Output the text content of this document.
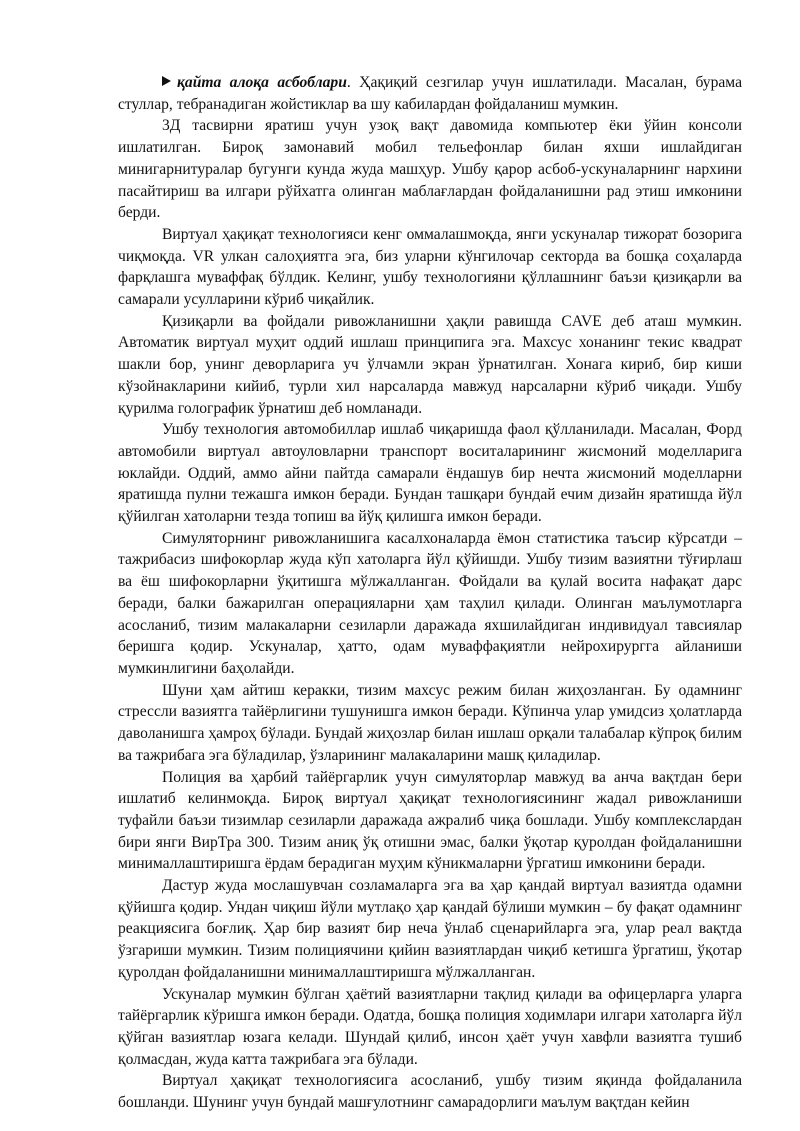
қайта алоқа асбоблари. Ҳақиқий сезгилар учун ишлатилади. Масалан, бурама стуллар, тебранадиган жойстиклар ва шу кабилардан фойдаланиш мумкин.

3Д тасвирни яратиш учун узоқ вақт давомида компьютер ёки ўйин консоли ишлатилган. Бироқ замонавий мобил тельефонлар билан яхши ишлайдиган минигарнитуралар бугунги кунда жуда машҳур. Ушбу қарор асбоб-ускуналарнинг нархини пасайтириш ва илгари рўйхатга олинган маблағлардан фойдаланишни рад этиш имконини берди.

Виртуал ҳақиқат технологияси кенг оммалашмоқда, янги ускуналар тижорат бозорига чиқмоқда. VR улкан салоҳиятга эга, биз уларни кўнгилочар секторда ва бошқа соҳаларда фарқлашга муваффақ бўлдик. Келинг, ушбу технологияни қўллашнинг баъзи қизиқарли ва самарали усулларини кўриб чиқайлик.

Қизиқарли ва фойдали ривожланишни ҳақли равишда CAVE деб аташ мумкин. Автоматик виртуал муҳит оддий ишлаш принципига эга. Махсус хонанинг текис квадрат шакли бор, унинг деворларига уч ўлчамли экран ўрнатилган. Хонага кириб, бир киши кўзойнакларини кийиб, турли хил нарсаларда мавжуд нарсаларни кўриб чиқади. Ушбу қурилма голографик ўрнатиш деб номланади.

Ушбу технология автомобиллар ишлаб чиқаришда фаол қўлланилади. Масалан, Форд автомобили виртуал автоуловларни транспорт воситаларининг жисмоний моделларига юклайди. Оддий, аммо айни пайтда самарали ёндашув бир нечта жисмоний моделларни яратишда пулни тежашга имкон беради. Бундан ташқари бундай ечим дизайн яратишда йўл қўйилган хатоларни тезда топиш ва йўқ қилишга имкон беради.

Симуляторнинг ривожланишига касалхоналарда ёмон статистика таъсир кўрсатди – тажрибасиз шифокорлар жуда кўп хатоларга йўл қўйишди. Ушбу тизим вазиятни тўғирлаш ва ёш шифокорларни ўқитишга мўлжалланган. Фойдали ва қулай восита нафақат дарс беради, балки бажарилган операцияларни ҳам таҳлил қилади. Олинган маълумотларга асосланиб, тизим малакаларни сезиларли даражада яхшилайдиган индивидуал тавсиялар беришга қодир. Ускуналар, ҳатто, одам муваффақиятли нейрохирургга айланиши мумкинлигини баҳолайди.

Шуни ҳам айтиш керакки, тизим махсус режим билан жиҳозланган. Бу одамнинг стрессли вазиятга тайёрлигини тушунишга имкон беради. Кўпинча улар умидсиз ҳолатларда даволанишга ҳамроҳ бўлади. Бундай жиҳозлар билан ишлаш орқали талабалар кўпроқ билим ва тажрибага эга бўладилар, ўзларининг малакаларини машқ қиладилар.

Полиция ва ҳарбий тайёргарлик учун симуляторлар мавжуд ва анча вақтдан бери ишлатиб келинмоқда. Бироқ виртуал ҳақиқат технологиясининг жадал ривожланиши туфайли баъзи тизимлар сезиларли даражада ажралиб чиқа бошлади. Ушбу комплекслардан бири янги ВирТра 300. Тизим аниқ ўқ отишни эмас, балки ўқотар қуролдан фойдаланишни минималлаштиришга ёрдам берадиган муҳим кўникмаларни ўргатиш имконини беради.

Дастур жуда мослашувчан созламаларга эга ва ҳар қандай виртуал вазиятда одамни қўйишга қодир. Ундан чиқиш йўли мутлақо ҳар қандай бўлиши мумкин – бу фақат одамнинг реакциясига боғлиқ. Ҳар бир вазият бир неча ўнлаб сценарийларга эга, улар реал вақтда ўзгариши мумкин. Тизим полициячини қийин вазиятлардан чиқиб кетишга ўргатиш, ўқотар қуролдан фойдаланишни минималлаштиришга мўлжалланган.

Ускуналар мумкин бўлган ҳаётий вазиятларни тақлид қилади ва офицерларга уларга тайёргарлик кўришга имкон беради. Одатда, бошқа полиция ходимлари илгари хатоларга йўл қўйган вазиятлар юзага келади. Шундай қилиб, инсон ҳаёт учун хавфли вазиятга тушиб қолмасдан, жуда катта тажрибага эга бўлади.

Виртуал ҳақиқат технологиясига асосланиб, ушбу тизим яқинда фойдаланила бошланди. Шунинг учун бундай машғулотнинг самарадорлиги маълум вақтдан кейин
